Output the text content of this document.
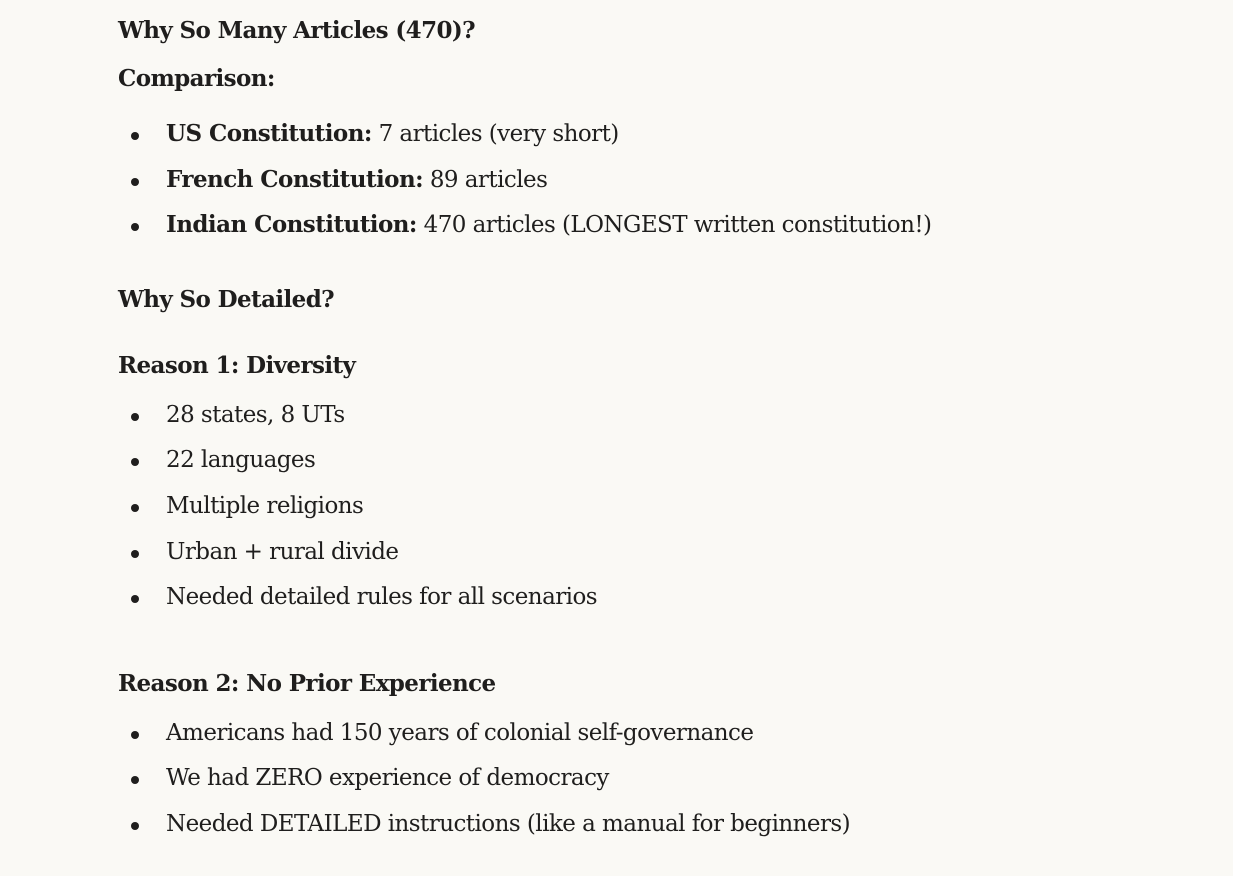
Why So Many Articles (470)?
Comparison:
US Constitution: 7 articles (very short)
French Constitution: 89 articles
Indian Constitution: 470 articles (LONGEST written constitution!)
Why So Detailed?
Reason 1: Diversity
28 states, 8 UTs
22 languages
Multiple religions
Urban + rural divide
Needed detailed rules for all scenarios
Reason 2: No Prior Experience
Americans had 150 years of colonial self-governance
We had ZERO experience of democracy
Needed DETAILED instructions (like a manual for beginners)
